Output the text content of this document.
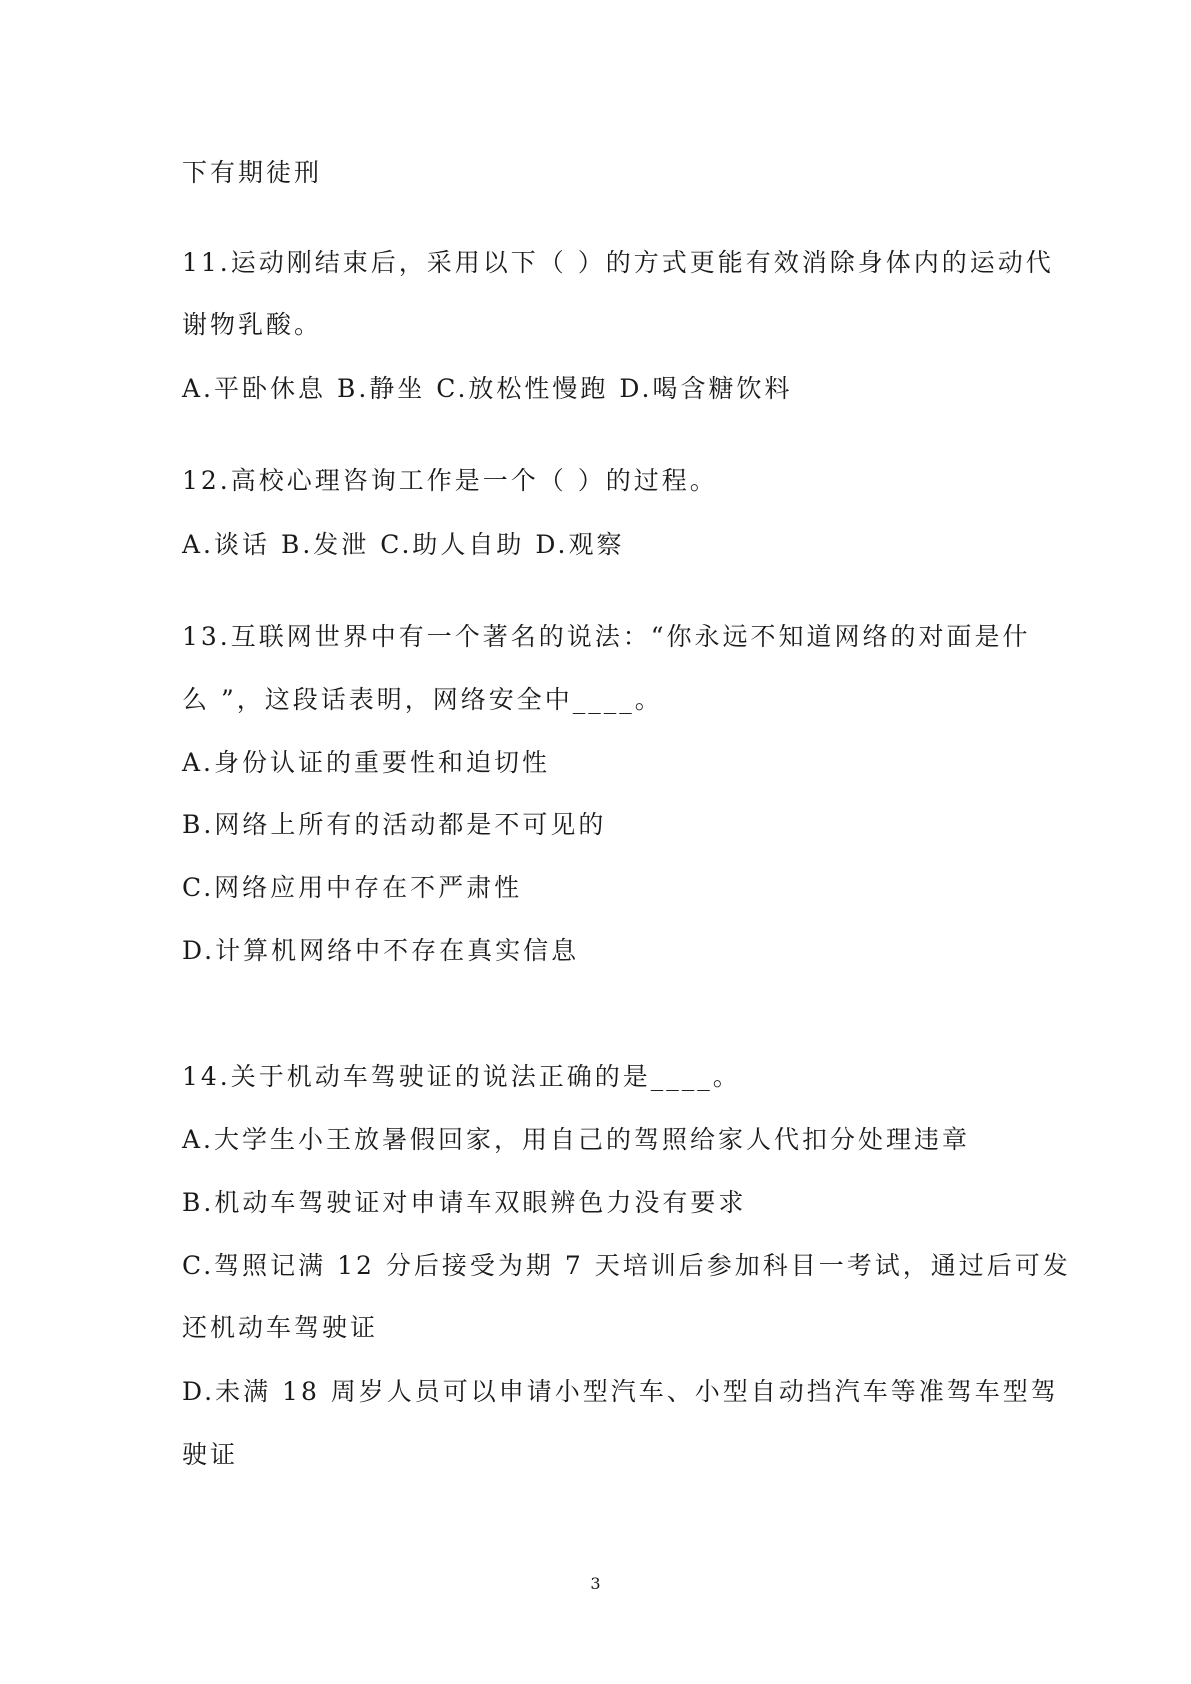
下有期徒刑
11.运动刚结束后，采用以下（ ）的方式更能有效消除身体内的运动代
谢物乳酸。
A.平卧休息 B.静坐 C.放松性慢跑 D.喝含糖饮料
12.高校心理咨询工作是一个（ ）的过程。
A.谈话 B.发泄 C.助人自助 D.观察
13.互联网世界中有一个著名的说法：“你永远不知道网络的对面是什
么 ”，这段话表明，网络安全中____。
A.身份认证的重要性和迫切性
B.网络上所有的活动都是不可见的
C.网络应用中存在不严肃性
D.计算机网络中不存在真实信息
14.关于机动车驾驶证的说法正确的是____。
A.大学生小王放暑假回家，用自己的驾照给家人代扣分处理违章
B.机动车驾驶证对申请车双眼辨色力没有要求
C.驾照记满 12 分后接受为期 7 天培训后参加科目一考试，通过后可发
还机动车驾驶证
D.未满 18 周岁人员可以申请小型汽车、小型自动挡汽车等准驾车型驾
驶证
3
